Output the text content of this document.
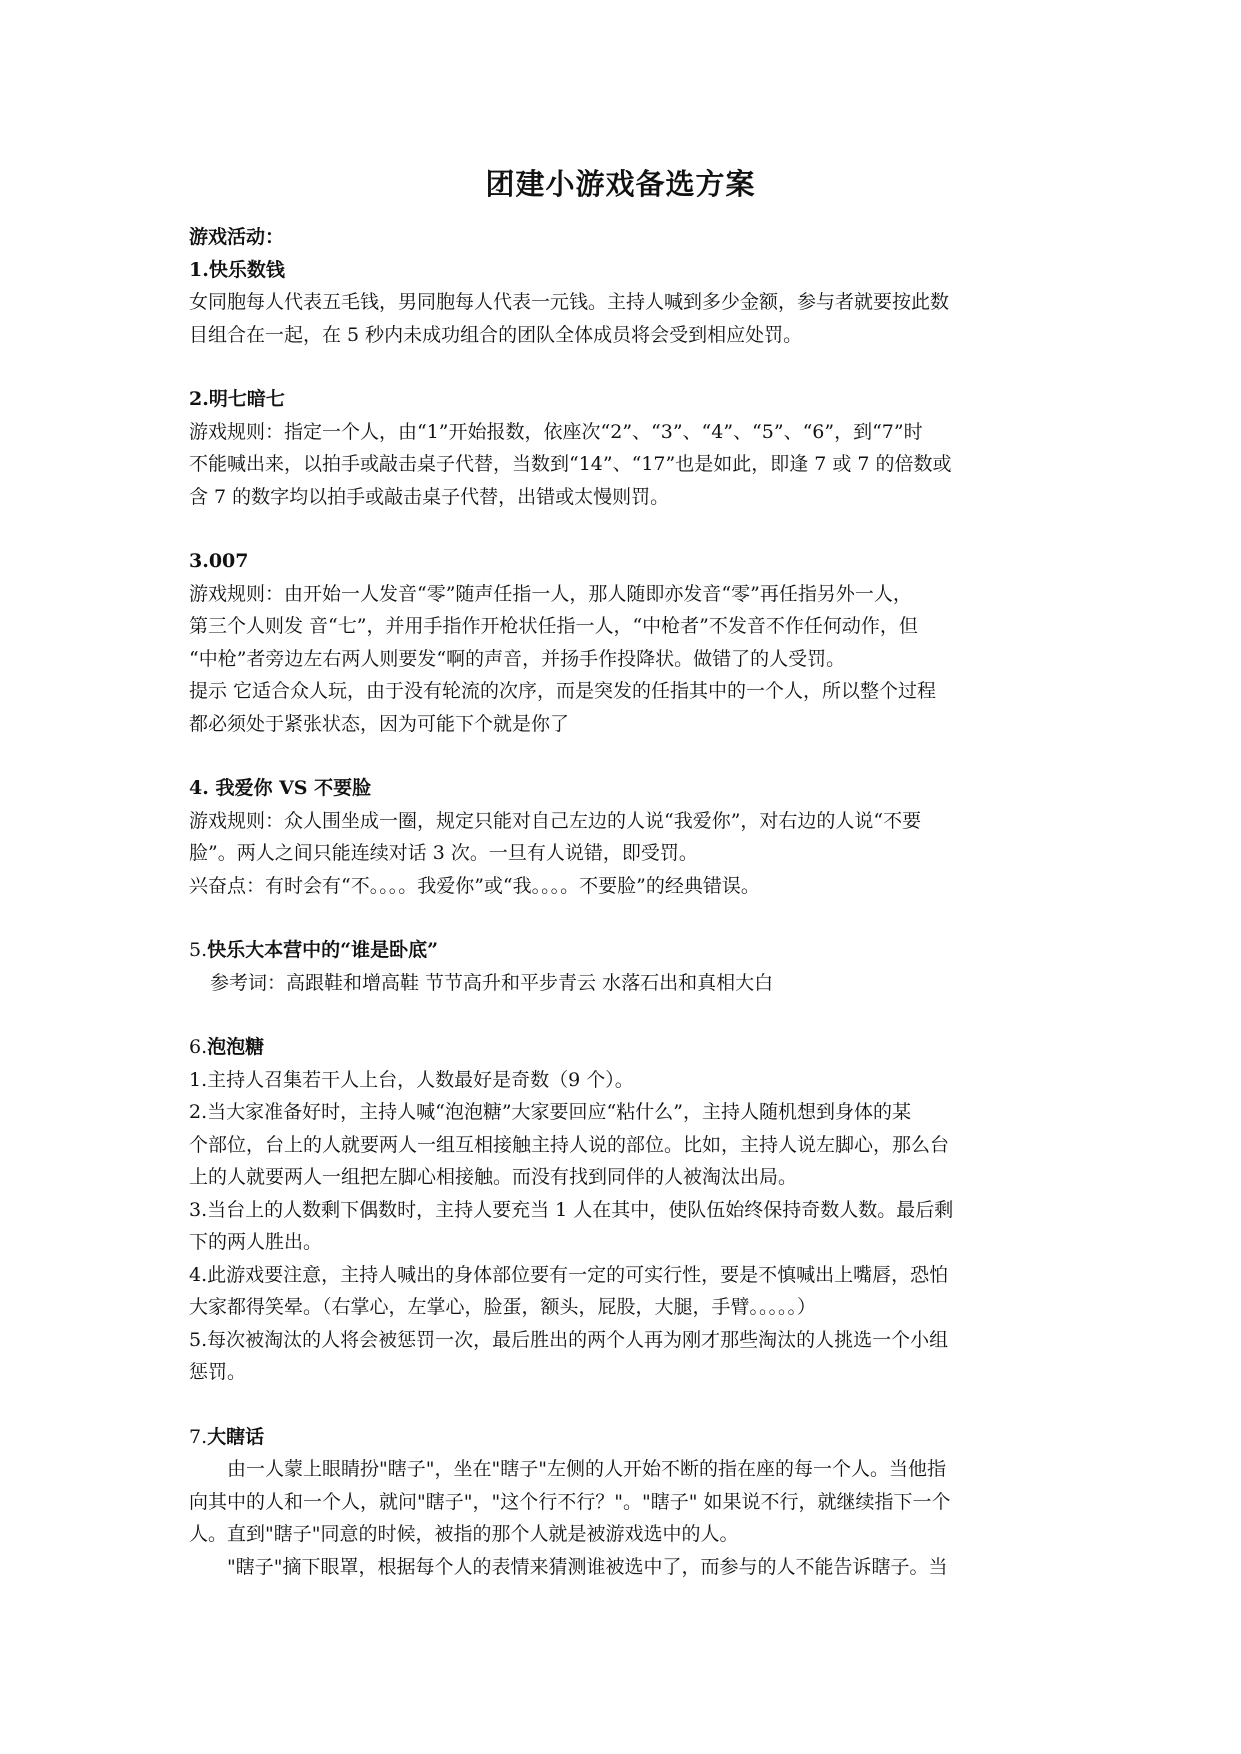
团建小游戏备选方案

游戏活动：

1.快乐数钱

女同胞每人代表五毛钱，男同胞每人代表一元钱。主持人喊到多少金额，参与者就要按此数

目组合在一起，在 5 秒内未成功组合的团队全体成员将会受到相应处罚。

2.明七暗七

游戏规则：指定一个人，由“1”开始报数，依座次“2”、“3”、“4”、“5”、“6”，到“7”时

不能喊出来，以拍手或敲击桌子代替，当数到“14”、“17”也是如此，即逢 7 或 7 的倍数或

含 7 的数字均以拍手或敲击桌子代替，出错或太慢则罚。

3.007

游戏规则：由开始一人发音“零”随声任指一人，那人随即亦发音“零”再任指另外一人，

第三个人则发 音“七”，并用手指作开枪状任指一人，“中枪者”不发音不作任何动作，但

“中枪”者旁边左右两人则要发“啊的声音，并扬手作投降状。做错了的人受罚。

提示 它适合众人玩，由于没有轮流的次序，而是突发的任指其中的一个人，所以整个过程

都必须处于紧张状态，因为可能下个就是你了

4. 我爱你 VS 不要脸

游戏规则：众人围坐成一圈，规定只能对自己左边的人说“我爱你”，对右边的人说“不要

脸”。两人之间只能连续对话 3 次。一旦有人说错，即受罚。

兴奋点：有时会有“不。。。。我爱你”或“我。。。。不要脸”的经典错误。

5.快乐大本营中的“谁是卧底”

参考词：高跟鞋和增高鞋 节节高升和平步青云 水落石出和真相大白

6.泡泡糖

1.主持人召集若干人上台，人数最好是奇数（9 个）。

2.当大家准备好时，主持人喊“泡泡糖”大家要回应“粘什么”，主持人随机想到身体的某

个部位，台上的人就要两人一组互相接触主持人说的部位。比如，主持人说左脚心，那么台

上的人就要两人一组把左脚心相接触。而没有找到同伴的人被淘汰出局。

3.当台上的人数剩下偶数时，主持人要充当 1 人在其中，使队伍始终保持奇数人数。最后剩

下的两人胜出。

4.此游戏要注意，主持人喊出的身体部位要有一定的可实行性，要是不慎喊出上嘴唇，恐怕

大家都得笑晕。（右掌心，左掌心，脸蛋，额头，屁股，大腿，手臂。。。。。）

5.每次被淘汰的人将会被惩罚一次，最后胜出的两个人再为刚才那些淘汰的人挑选一个小组

惩罚。

7.大瞎话

由一人蒙上眼睛扮"瞎子"，坐在"瞎子"左侧的人开始不断的指在座的每一个人。当他指

向其中的人和一个人，就问"瞎子"，"这个行不行？"。"瞎子" 如果说不行，就继续指下一个

人。直到"瞎子"同意的时候，被指的那个人就是被游戏选中的人。

"瞎子"摘下眼罩，根据每个人的表情来猜测谁被选中了，而参与的人不能告诉瞎子。当
